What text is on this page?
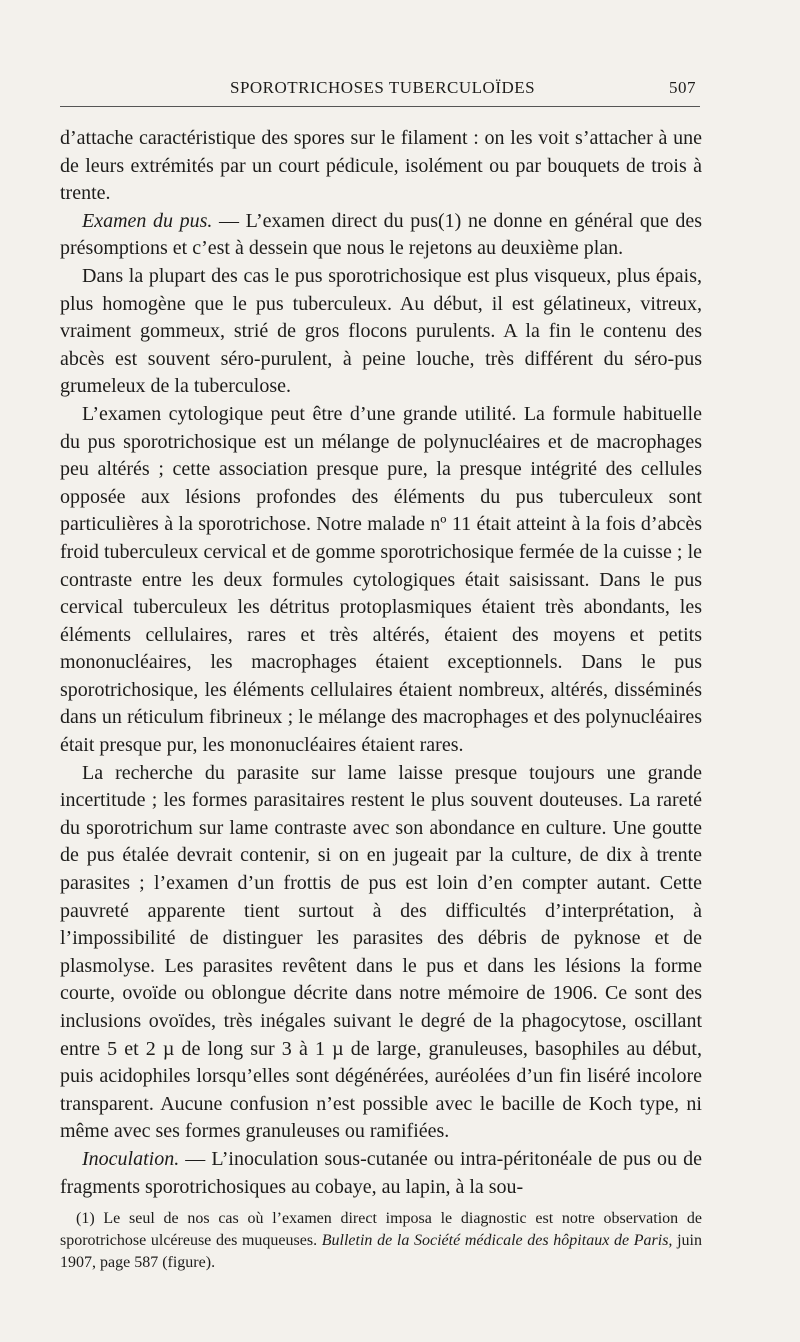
SPOROTRICHOSES TUBERCULOÏDES	507

d’attache caractéristique des spores sur le filament : on les voit s’attacher à une de leurs extrémités par un court pédicule, isolément ou par bouquets de trois à trente.

Examen du pus. — L’examen direct du pus(1) ne donne en général que des présomptions et c’est à dessein que nous le rejetons au deuxième plan.

Dans la plupart des cas le pus sporotrichosique est plus visqueux, plus épais, plus homogène que le pus tuberculeux. Au début, il est gélatineux, vitreux, vraiment gommeux, strié de gros flocons purulents. A la fin le contenu des abcès est souvent séro-purulent, à peine louche, très différent du séro-pus grumeleux de la tuberculose.

L’examen cytologique peut être d’une grande utilité. La formule habituelle du pus sporotrichosique est un mélange de polynucléaires et de macrophages peu altérés ; cette association presque pure, la presque intégrité des cellules opposée aux lésions profondes des éléments du pus tuberculeux sont particulières à la sporotrichose. Notre malade nº 11 était atteint à la fois d’abcès froid tuberculeux cervical et de gomme sporotrichosique fermée de la cuisse ; le contraste entre les deux formules cytologiques était saisissant. Dans le pus cervical tuberculeux les détritus protoplasmiques étaient très abondants, les éléments cellulaires, rares et très altérés, étaient des moyens et petits mononucléaires, les macrophages étaient exceptionnels. Dans le pus sporotrichosique, les éléments cellulaires étaient nombreux, altérés, disséminés dans un réticulum fibrineux ; le mélange des macrophages et des polynucléaires était presque pur, les mononucléaires étaient rares.

La recherche du parasite sur lame laisse presque toujours une grande incertitude ; les formes parasitaires restent le plus souvent douteuses. La rareté du sporotrichum sur lame contraste avec son abondance en culture. Une goutte de pus étalée devrait contenir, si on en jugeait par la culture, de dix à trente parasites ; l’examen d’un frottis de pus est loin d’en compter autant. Cette pauvreté apparente tient surtout à des difficultés d’interprétation, à l’impossibilité de distinguer les parasites des débris de pyknose et de plasmolyse. Les parasites revêtent dans le pus et dans les lésions la forme courte, ovoïde ou oblongue décrite dans notre mémoire de 1906. Ce sont des inclusions ovoïdes, très inégales suivant le degré de la phagocytose, oscillant entre 5 et 2 µ de long sur 3 à 1 µ de large, granuleuses, basophiles au début, puis acidophiles lorsqu’elles sont dégénérées, auréolées d’un fin liséré incolore transparent. Aucune confusion n’est possible avec le bacille de Koch type, ni même avec ses formes granuleuses ou ramifiées.

Inoculation. — L’inoculation sous-cutanée ou intra-péritonéale de pus ou de fragments sporotrichosiques au cobaye, au lapin, à la sou-

(1) Le seul de nos cas où l’examen direct imposa le diagnostic est notre observation de sporotrichose ulcéreuse des muqueuses. Bulletin de la Société médicale des hôpitaux de Paris, juin 1907, page 587 (figure).
